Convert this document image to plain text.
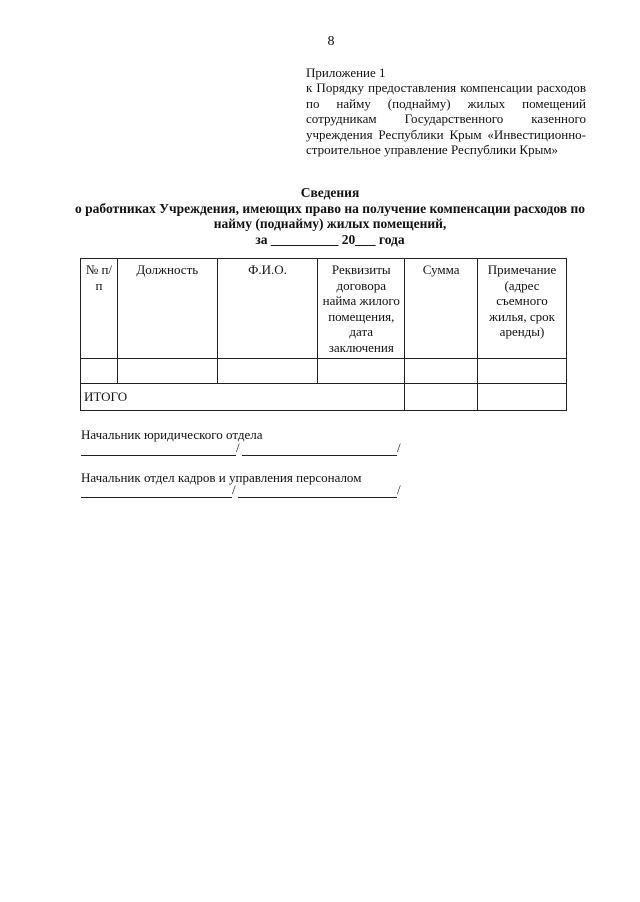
8
Приложение 1
к Порядку предоставления компенсации расходов
по найму (поднайму) жилых помещений
сотрудникам Государственного казенного
учреждения Республики Крым «Инвестиционно-
строительное управление Республики Крым»
Сведения
о работниках Учреждения, имеющих право на получение компенсации расходов по
найму (поднайму) жилых помещений,
за __________ 20___ года
№ п/п	Должность	Ф.И.О.	Реквизиты договора найма жилого помещения, дата заключения	Сумма	Примечание (адрес съемного жилья, срок аренды)

ИТОГО					
Начальник юридического отдела
/	/
Начальник отдел кадров и управления персоналом
/	/
